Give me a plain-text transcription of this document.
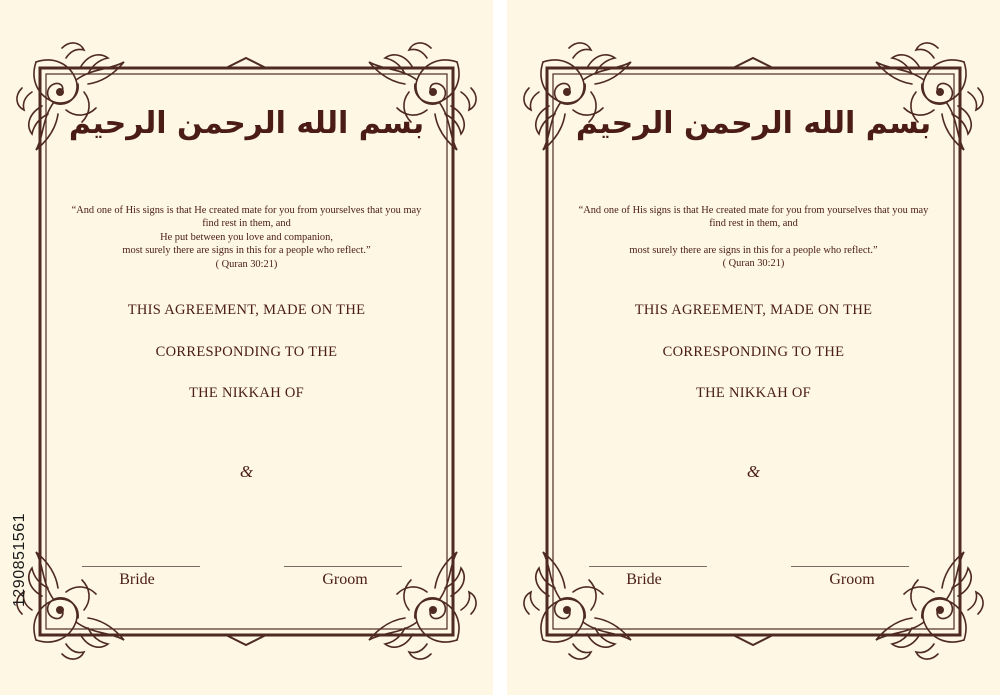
بسم الله الرحمن الرحيم
“And one of His signs is that He created mate for you from yourselves that you may
find rest in them, and
He put between you love and companion,
most surely there are signs in this for a people who reflect.”
( Quran 30:21)
THIS AGREEMENT, MADE ON THE
CORRESPONDING TO THE
THE NIKKAH OF
&
Bride	Groom
1290851561
بسم الله الرحمن الرحيم
“And one of His signs is that He created mate for you from yourselves that you may
find rest in them, and
most surely there are signs in this for a people who reflect.”
( Quran 30:21)
THIS AGREEMENT, MADE ON THE
CORRESPONDING TO THE
THE NIKKAH OF
&
Bride	Groom
